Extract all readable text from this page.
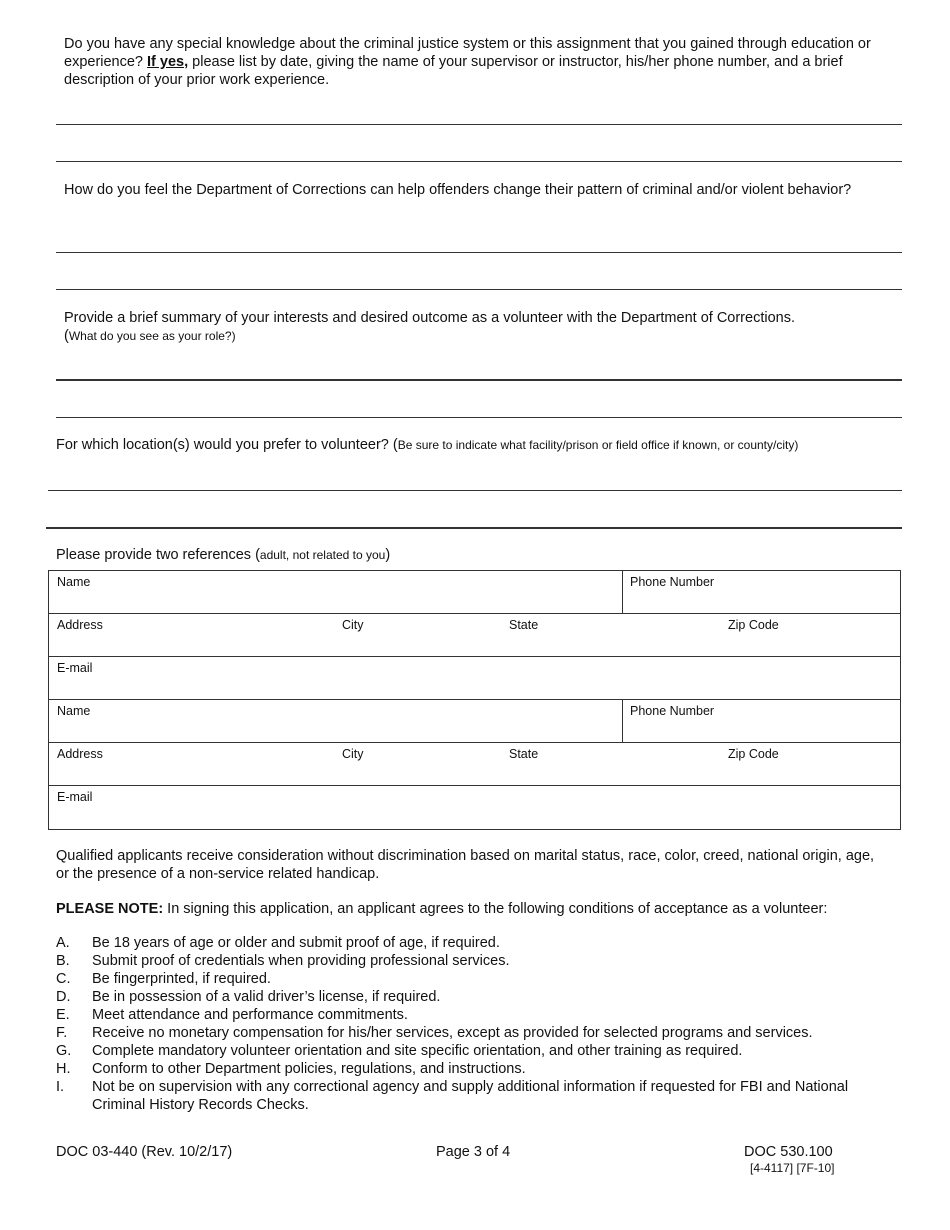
Do you have any special knowledge about the criminal justice system or this assignment that you gained through education or experience? If yes, please list by date, giving the name of your supervisor or instructor, his/her phone number, and a brief description of your prior work experience.
How do you feel the Department of Corrections can help offenders change their pattern of criminal and/or violent behavior?
Provide a brief summary of your interests and desired outcome as a volunteer with the Department of Corrections.
(What do you see as your role?)
For which location(s) would you prefer to volunteer? (Be sure to indicate what facility/prison or field office if known, or county/city)
Please provide two references (adult, not related to you)
Name	Phone Number
Address	City	State	Zip Code
E-mail
Name	Phone Number
Address	City	State	Zip Code
E-mail
Qualified applicants receive consideration without discrimination based on marital status, race, color, creed, national origin, age, or the presence of a non-service related handicap.
PLEASE NOTE: In signing this application, an applicant agrees to the following conditions of acceptance as a volunteer:
A. Be 18 years of age or older and submit proof of age, if required.
B. Submit proof of credentials when providing professional services.
C. Be fingerprinted, if required.
D. Be in possession of a valid driver’s license, if required.
E. Meet attendance and performance commitments.
F. Receive no monetary compensation for his/her services, except as provided for selected programs and services.
G. Complete mandatory volunteer orientation and site specific orientation, and other training as required.
H. Conform to other Department policies, regulations, and instructions.
I. Not be on supervision with any correctional agency and supply additional information if requested for FBI and National Criminal History Records Checks.
DOC 03-440 (Rev. 10/2/17)	Page 3 of 4	DOC 530.100
[4-4117] [7F-10]
